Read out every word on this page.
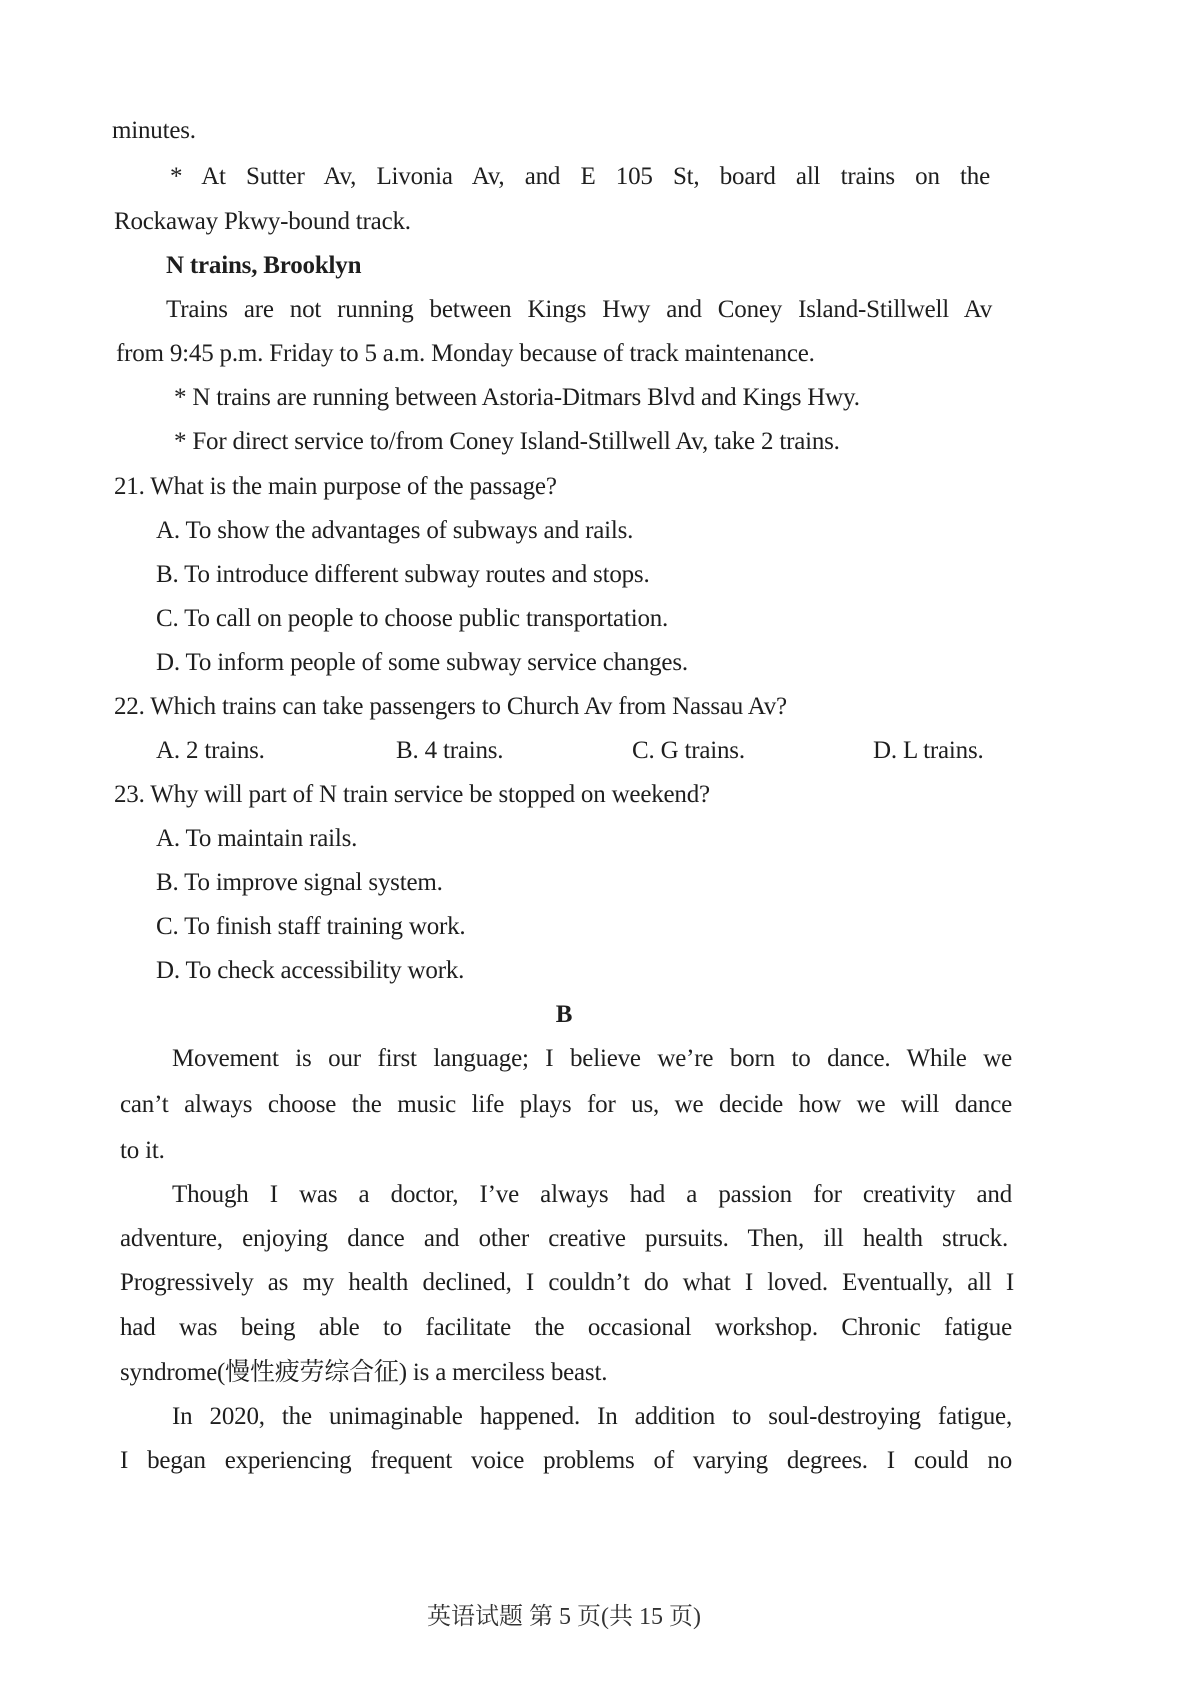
minutes.
* At Sutter Av, Livonia Av, and E 105 St, board all trains on the
Rockaway Pkwy-bound track.
N trains, Brooklyn
Trains are not running between Kings Hwy and Coney Island-Stillwell Av
from 9:45 p.m. Friday to 5 a.m. Monday because of track maintenance.
* N trains are running between Astoria-Ditmars Blvd and Kings Hwy.
* For direct service to/from Coney Island-Stillwell Av, take 2 trains.
21. What is the main purpose of the passage?
A. To show the advantages of subways and rails.
B. To introduce different subway routes and stops.
C. To call on people to choose public transportation.
D. To inform people of some subway service changes.
22. Which trains can take passengers to Church Av from Nassau Av?
A. 2 trains.	B. 4 trains.	C. G trains.	D. L trains.
23. Why will part of N train service be stopped on weekend?
A. To maintain rails.
B. To improve signal system.
C. To finish staff training work.
D. To check accessibility work.
B
Movement is our first language; I believe we’re born to dance. While we
can’t always choose the music life plays for us, we decide how we will dance
to it.
Though I was a doctor, I’ve always had a passion for creativity and
adventure, enjoying dance and other creative pursuits. Then, ill health struck.
Progressively as my health declined, I couldn’t do what I loved. Eventually, all I
had was being able to facilitate the occasional workshop. Chronic fatigue
syndrome(慢性疲劳综合征) is a merciless beast.
In 2020, the unimaginable happened. In addition to soul-destroying fatigue,
I began experiencing frequent voice problems of varying degrees. I could no
英语试题 第 5 页(共 15 页)
